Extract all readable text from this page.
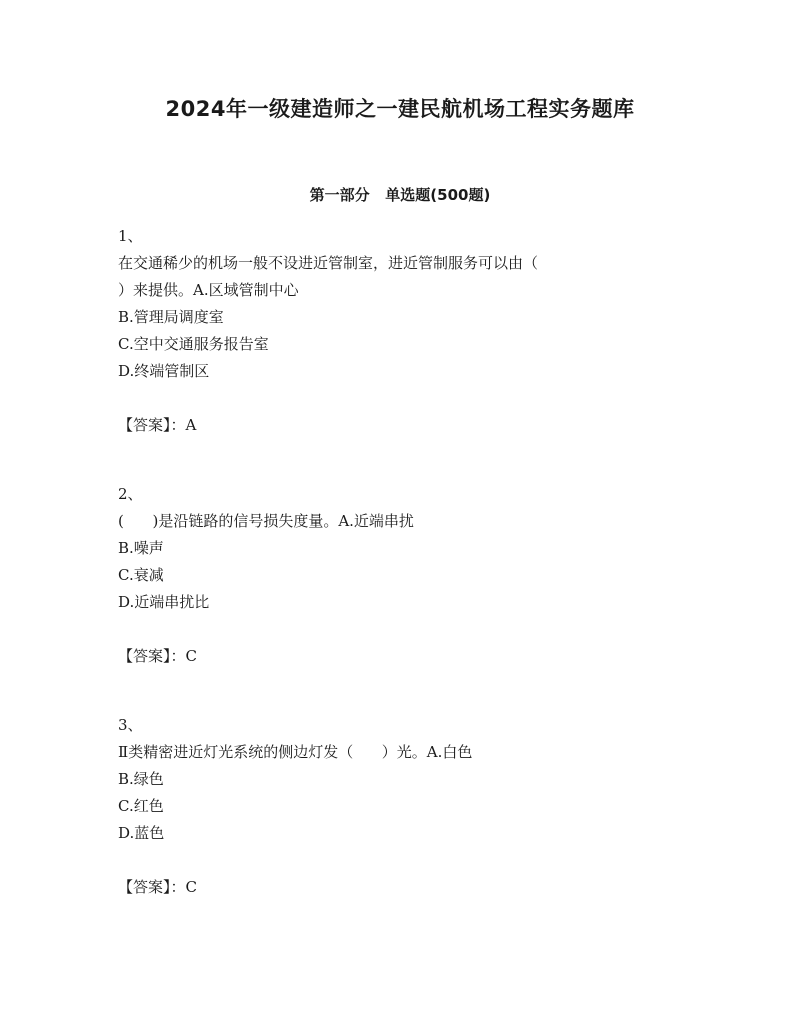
2024年一级建造师之一建民航机场工程实务题库
第一部分   单选题(500题)
1、
在交通稀少的机场一般不设进近管制室，进近管制服务可以由（
）来提供。A.区域管制中心
B.管理局调度室
C.空中交通服务报告室
D.终端管制区
【答案】：A
2、
(      )是沿链路的信号损失度量。A.近端串扰
B.噪声
C.衰减
D.近端串扰比
【答案】：C
3、
Ⅱ类精密进近灯光系统的侧边灯发（      ）光。A.白色
B.绿色
C.红色
D.蓝色
【答案】：C
